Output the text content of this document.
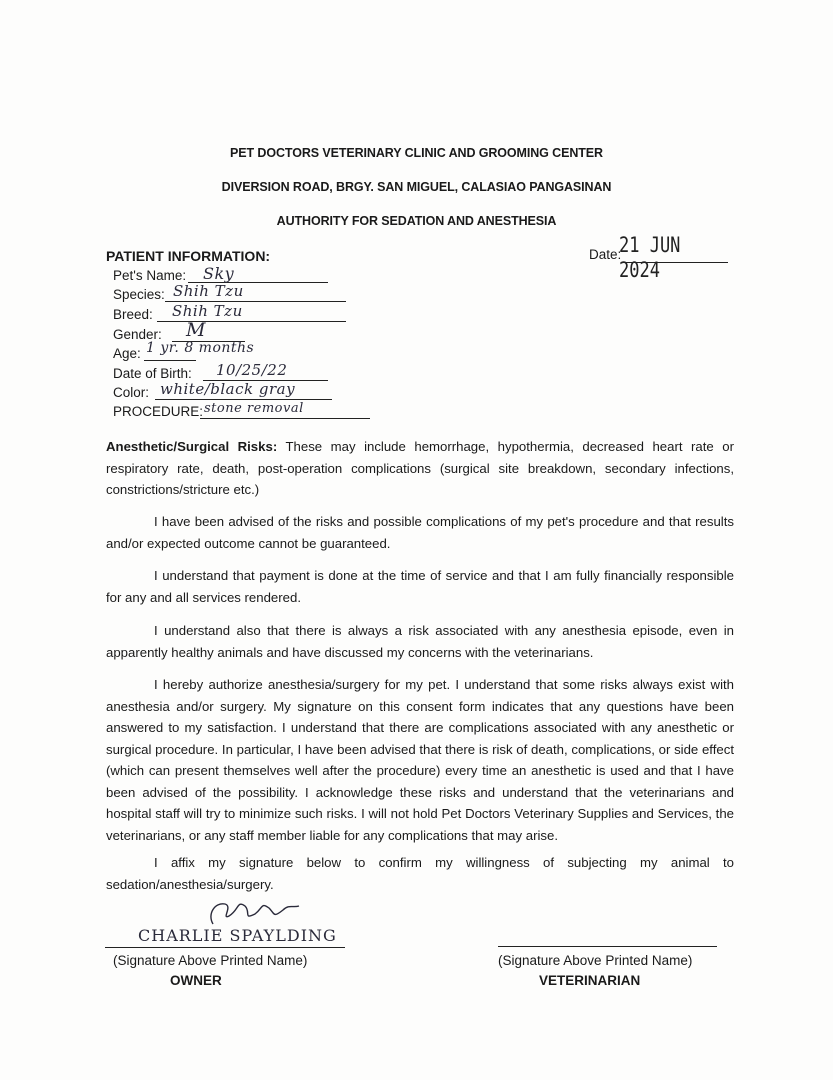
PET DOCTORS VETERINARY CLINIC AND GROOMING CENTER
DIVERSION ROAD, BRGY. SAN MIGUEL, CALASIAO PANGASINAN
AUTHORITY FOR SEDATION AND ANESTHESIA
Date:
21 JUN 2024
PATIENT INFORMATION:
Pet's Name: Sky
Species: Shih Tzu
Breed: Shih Tzu
Gender: M
Age: 1 yr. 8 months
Date of Birth: 10/25/22
Color: white/black gray
PROCEDURE: stone removal
Anesthetic/Surgical Risks: These may include hemorrhage, hypothermia, decreased heart rate or respiratory rate, death, post-operation complications (surgical site breakdown, secondary infections, constrictions/stricture etc.)
I have been advised of the risks and possible complications of my pet's procedure and that results and/or expected outcome cannot be guaranteed.
I understand that payment is done at the time of service and that I am fully financially responsible for any and all services rendered.
I understand also that there is always a risk associated with any anesthesia episode, even in apparently healthy animals and have discussed my concerns with the veterinarians.
I hereby authorize anesthesia/surgery for my pet. I understand that some risks always exist with anesthesia and/or surgery. My signature on this consent form indicates that any questions have been answered to my satisfaction. I understand that there are complications associated with any anesthetic or surgical procedure. In particular, I have been advised that there is risk of death, complications, or side effect (which can present themselves well after the procedure) every time an anesthetic is used and that I have been advised of the possibility. I acknowledge these risks and understand that the veterinarians and hospital staff will try to minimize such risks. I will not hold Pet Doctors Veterinary Supplies and Services, the veterinarians, or any staff member liable for any complications that may arise.
I affix my signature below to confirm my willingness of subjecting my animal to sedation/anesthesia/surgery.
CHARLIE SPAYLDING
(Signature Above Printed Name)
OWNER
(Signature Above Printed Name)
VETERINARIAN
